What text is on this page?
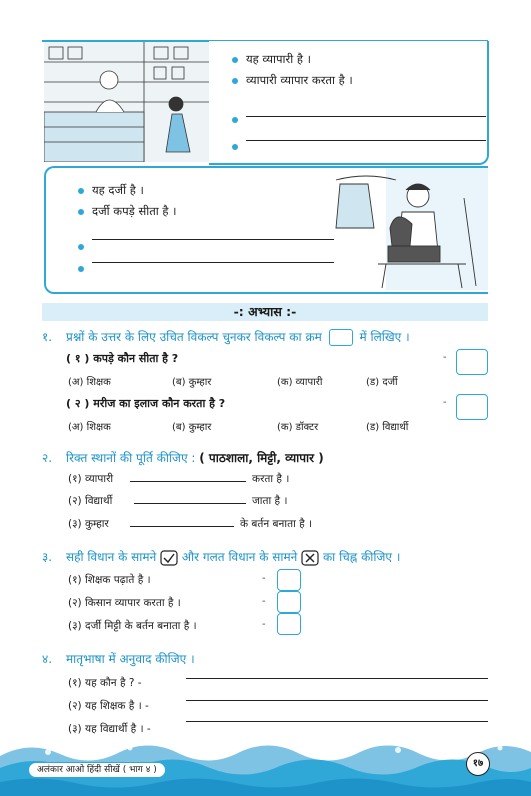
यह व्यापारी है ।
व्यापारी व्यापार करता है ।
यह दर्जी है ।
दर्जी कपड़े सीता है ।
-: अभ्यास :-
१. प्रश्नों के उत्तर के लिए उचित विकल्प चुनकर विकल्प का क्रम	में लिखिए ।
( १ ) कपड़े कौन सीता है ?	-
(अ) शिक्षक	(ब) कुम्हार	(क) व्यापारी	(ड) दर्जी
( २ ) मरीज का इलाज कौन करता है ?	-
(अ) शिक्षक	(ब) कुम्हार	(क) डॉक्टर	(ड) विद्यार्थी
२. रिक्त स्थानों की पूर्ति कीजिए : ( पाठशाला, मिट्टी, व्यापार )
(१) व्यापारी	करता है ।
(२) विद्यार्थी	जाता है ।
(३) कुम्हार	के बर्तन बनाता है ।
३. सही विधान के सामने और गलत विधान के सामने ☒ का चिह्न कीजिए ।
(१) शिक्षक पढ़ाते है ।	-
(२) किसान व्यापार करता है ।	-
(३) दर्जी मिट्टी के बर्तन बनाता है ।	-
४. मातृभाषा में अनुवाद कीजिए ।
(१) यह कौन है ? -
(२) यह शिक्षक है । -
(३) यह विद्यार्थी है । -
अलंकार आओ हिंदी सीखें ( भाग ४ )
१७
